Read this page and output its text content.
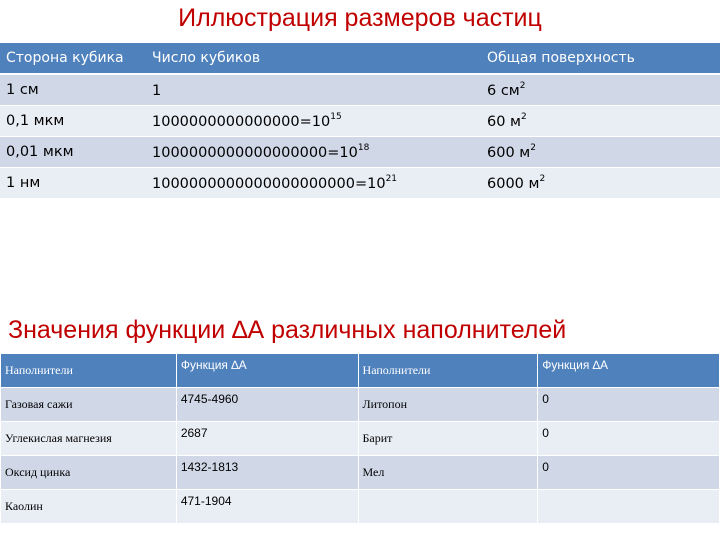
Иллюстрация размеров частиц
Сторона кубика	Число кубиков	Общая поверхность
1 см	1	6 $см^2$
0,1 мкм	$1000000000000000=10^{15}$	60 $м^2$
0,01 мкм	$1000000000000000000=10^{18}$	600 $м^2$
1 нм	$1000000000000000000000=10^{21}$	6000 $м^2$
Значения функции ∆А различных наполнителей
Наполнители	Функция ∆А	Наполнители	Функция ∆А
Газовая сажи	4745-4960	Литопон	0
Углекислая магнезия	2687	Барит	0
Оксид цинка	1432-1813	Мел	0
Каолин	471-1904		
